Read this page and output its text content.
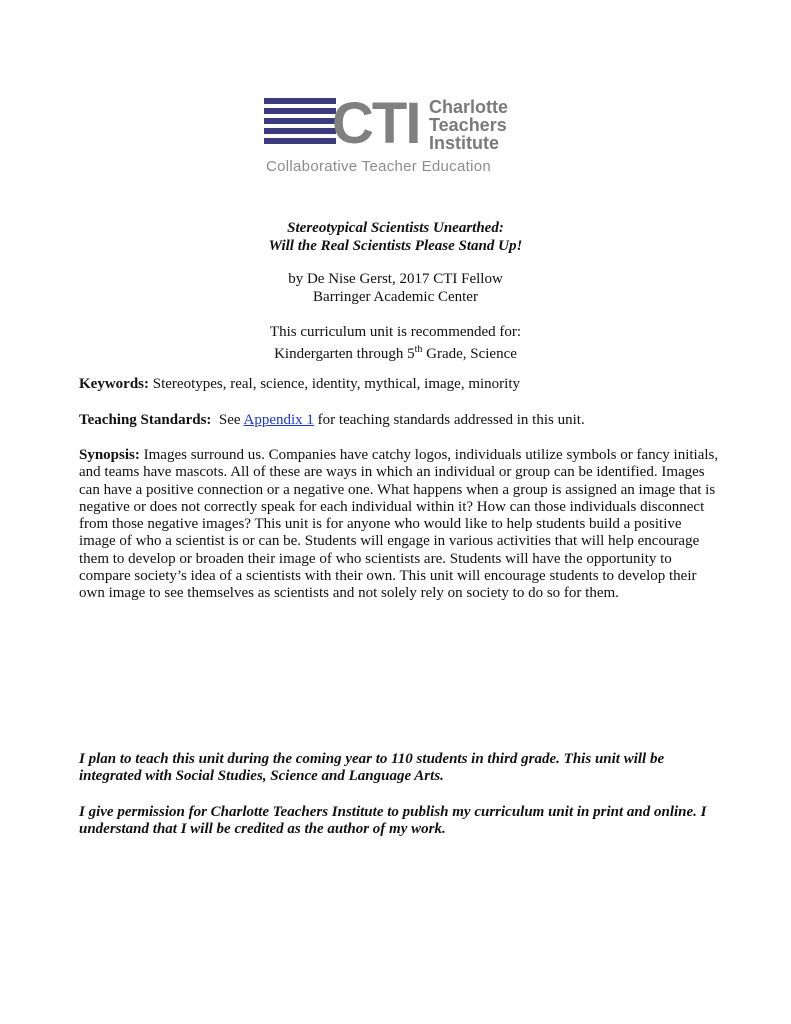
CTI Charlotte
Teachers
Institute
Collaborative Teacher Education
Stereotypical Scientists Unearthed:
Will the Real Scientists Please Stand Up!
by De Nise Gerst, 2017 CTI Fellow
Barringer Academic Center
This curriculum unit is recommended for:
Kindergarten through 5th Grade, Science
Keywords: Stereotypes, real, science, identity, mythical, image, minority
Teaching Standards:  See Appendix 1 for teaching standards addressed in this unit.
Synopsis: Images surround us. Companies have catchy logos, individuals utilize symbols or fancy initials, and teams have mascots. All of these are ways in which an individual or group can be identified. Images can have a positive connection or a negative one. What happens when a group is assigned an image that is negative or does not correctly speak for each individual within it? How can those individuals disconnect from those negative images? This unit is for anyone who would like to help students build a positive image of who a scientist is or can be. Students will engage in various activities that will help encourage them to develop or broaden their image of who scientists are. Students will have the opportunity to compare society’s idea of a scientists with their own. This unit will encourage students to develop their own image to see themselves as scientists and not solely rely on society to do so for them.
I plan to teach this unit during the coming year to 110 students in third grade. This unit will be integrated with Social Studies, Science and Language Arts.
I give permission for Charlotte Teachers Institute to publish my curriculum unit in print and online. I understand that I will be credited as the author of my work.
